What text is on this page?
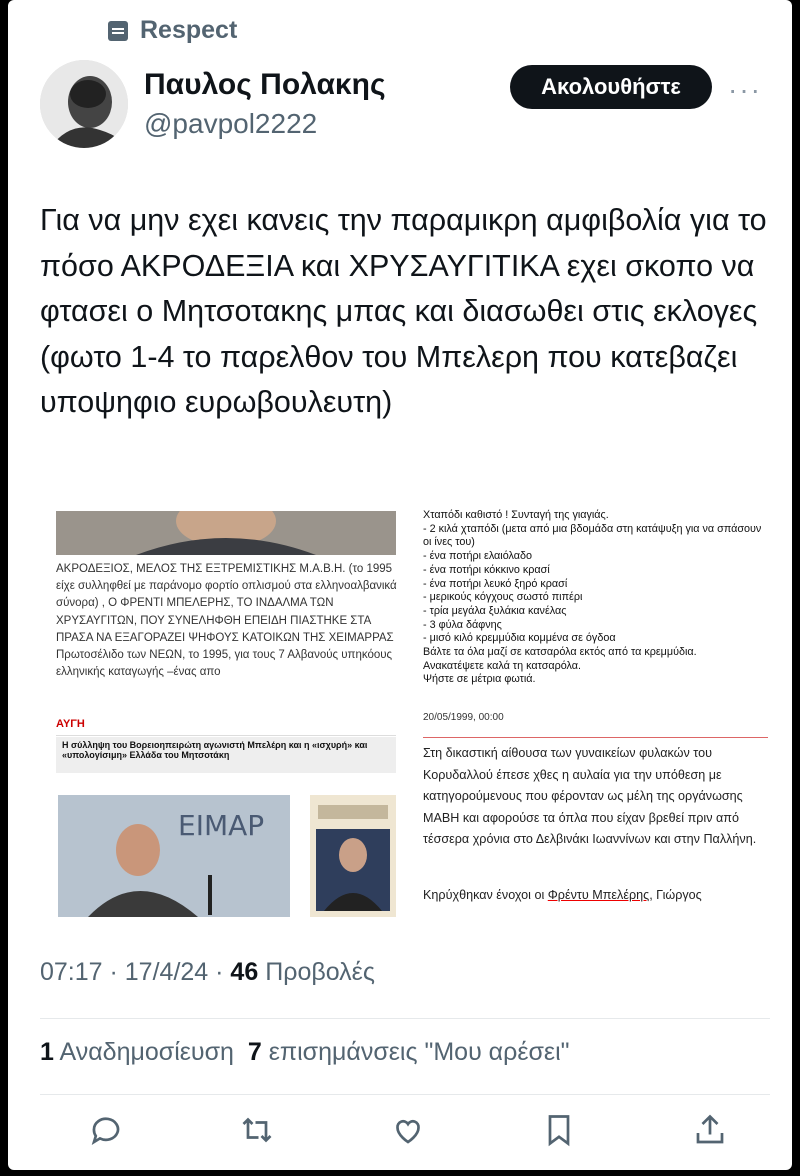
Respect
Παυλος Πολακης
@pavpol2222
Ακολουθήστε	···
Για να μην εχει κανεις την παραμικρη αμφιβολία για το πόσο ΑΚΡΟΔΕΞΙΑ και ΧΡΥΣΑΥΓΙΤΙΚΑ εχει σκοπο να φτασει ο Μητσοτακης μπας και διασωθει στις εκλογες (φωτο 1-4 το παρελθον του Μπελερη που κατεβαζει υποψηφιο ευρωβουλευτη)
ΑΚΡΟΔΕΞΙΟΣ, ΜΕΛΟΣ ΤΗΣ ΕΞΤΡΕΜΙΣΤΙΚΗΣ Μ.Α.Β.Η. (το 1995 είχε συλληφθεί με παράνομο φορτίο οπλισμού στα ελληνοαλβανικά σύνορα) , Ο ΦΡΕΝΤΙ ΜΠΕΛΕΡΗΣ, ΤΟ ΙΝΔΑΛΜΑ ΤΩΝ ΧΡΥΣΑΥΓΙΤΩΝ, ΠΟΥ ΣΥΝΕΛΗΦΘΗ ΕΠΕΙΔΗ ΠΙΑΣΤΗΚΕ ΣΤΑ ΠΡΑΣΑ ΝΑ ΕΞΑΓΟΡΑΖΕΙ ΨΗΦΟΥΣ ΚΑΤΟΙΚΩΝ ΤΗΣ ΧΕΙΜΑΡΡΑΣ Πρωτοσέλιδο των ΝΕΩΝ, το 1995, για τους 7 Αλβανούς υπηκόους ελληνικής καταγωγής –ένας απο
ΑΥΓΗ
Η σύλληψη του Βορειοηπειρώτη αγωνιστή Μπελέρη και η «ισχυρή» και «υπολογίσιμη» Ελλάδα του Μητσοτάκη
ΕΙΜΑΡ
Χταπόδι καθιστό ! Συνταγή της γιαγιάς.
- 2 κιλά χταπόδι (μετα από μια βδομάδα στη κατάψυξη για να σπάσουν οι ίνες του)
- ένα ποτήρι ελαιόλαδο
- ένα ποτήρι κόκκινο κρασί
- ένα ποτήρι λευκό ξηρό κρασί
- μερικούς κόγχους σωστό πιπέρι
- τρία μεγάλα ξυλάκια κανέλας
- 3 φύλα δάφνης
- μισό κιλό κρεμμύδια κομμένα σε όγδοα
Βάλτε τα όλα μαζί σε κατσαρόλα εκτός από τα κρεμμύδια.
Ανακατέψετε καλά τη κατσαρόλα.
Ψήστε σε μέτρια φωτιά.
20/05/1999, 00:00
Στη δικαστική αίθουσα των γυναικείων φυλακών του Κορυδαλλού έπεσε χθες η αυλαία για την υπόθεση με κατηγορούμενους που φέρονταν ως μέλη της οργάνωσης ΜΑΒΗ και αφορούσε τα όπλα που είχαν βρεθεί πριν από τέσσερα χρόνια στο Δελβινάκι Ιωαννίνων και στην Παλλήνη.
Κηρύχθηκαν ένοχοι οι Φρέντυ Μπελέρης, Γιώργος
07:17 · 17/4/24 · 46 Προβολές
1 Αναδημοσίευση 7 επισημάνσεις "Μου αρέσει"
